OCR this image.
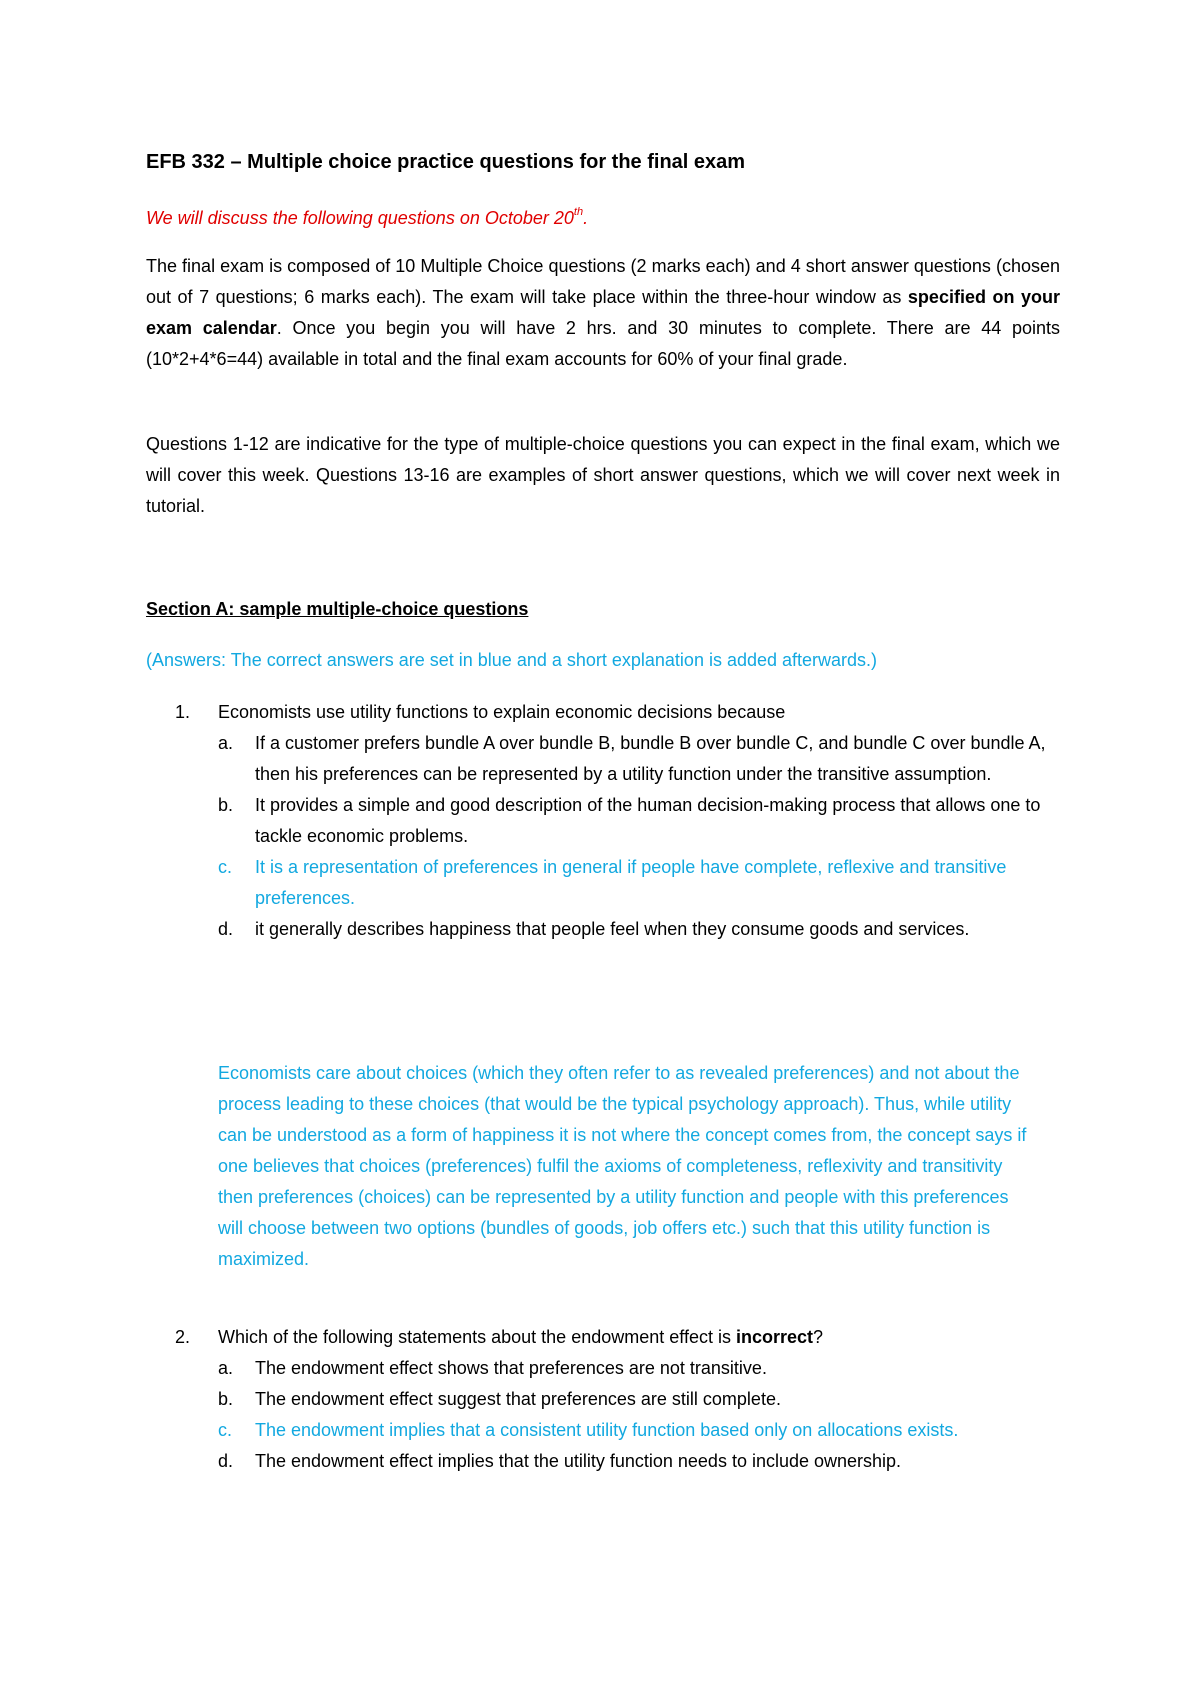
EFB 332 – Multiple choice practice questions for the final exam
We will discuss the following questions on October 20th.

The final exam is composed of 10 Multiple Choice questions (2 marks each) and 4 short answer questions (chosen out of 7 questions; 6 marks each). The exam will take place within the three-hour window as specified on your exam calendar. Once you begin you will have 2 hrs. and 30 minutes to complete. There are 44 points (10*2+4*6=44) available in total and the final exam accounts for 60% of your final grade.

Questions 1-12 are indicative for the type of multiple-choice questions you can expect in the final exam, which we will cover this week. Questions 13-16 are examples of short answer questions, which we will cover next week in tutorial.

Section A: sample multiple-choice questions
(Answers: The correct answers are set in blue and a short explanation is added afterwards.)
1. Economists use utility functions to explain economic decisions because
a. If a customer prefers bundle A over bundle B, bundle B over bundle C, and bundle C over bundle A, then his preferences can be represented by a utility function under the transitive assumption.
b. It provides a simple and good description of the human decision-making process that allows one to tackle economic problems.
c. It is a representation of preferences in general if people have complete, reflexive and transitive preferences.
d. it generally describes happiness that people feel when they consume goods and services.

Economists care about choices (which they often refer to as revealed preferences) and not about the process leading to these choices (that would be the typical psychology approach). Thus, while utility can be understood as a form of happiness it is not where the concept comes from, the concept says if one believes that choices (preferences) fulfil the axioms of completeness, reflexivity and transitivity then preferences (choices) can be represented by a utility function and people with this preferences will choose between two options (bundles of goods, job offers etc.) such that this utility function is maximized.

2. Which of the following statements about the endowment effect is incorrect?
a. The endowment effect shows that preferences are not transitive.
b. The endowment effect suggest that preferences are still complete.
c. The endowment implies that a consistent utility function based only on allocations exists.
d. The endowment effect implies that the utility function needs to include ownership.
